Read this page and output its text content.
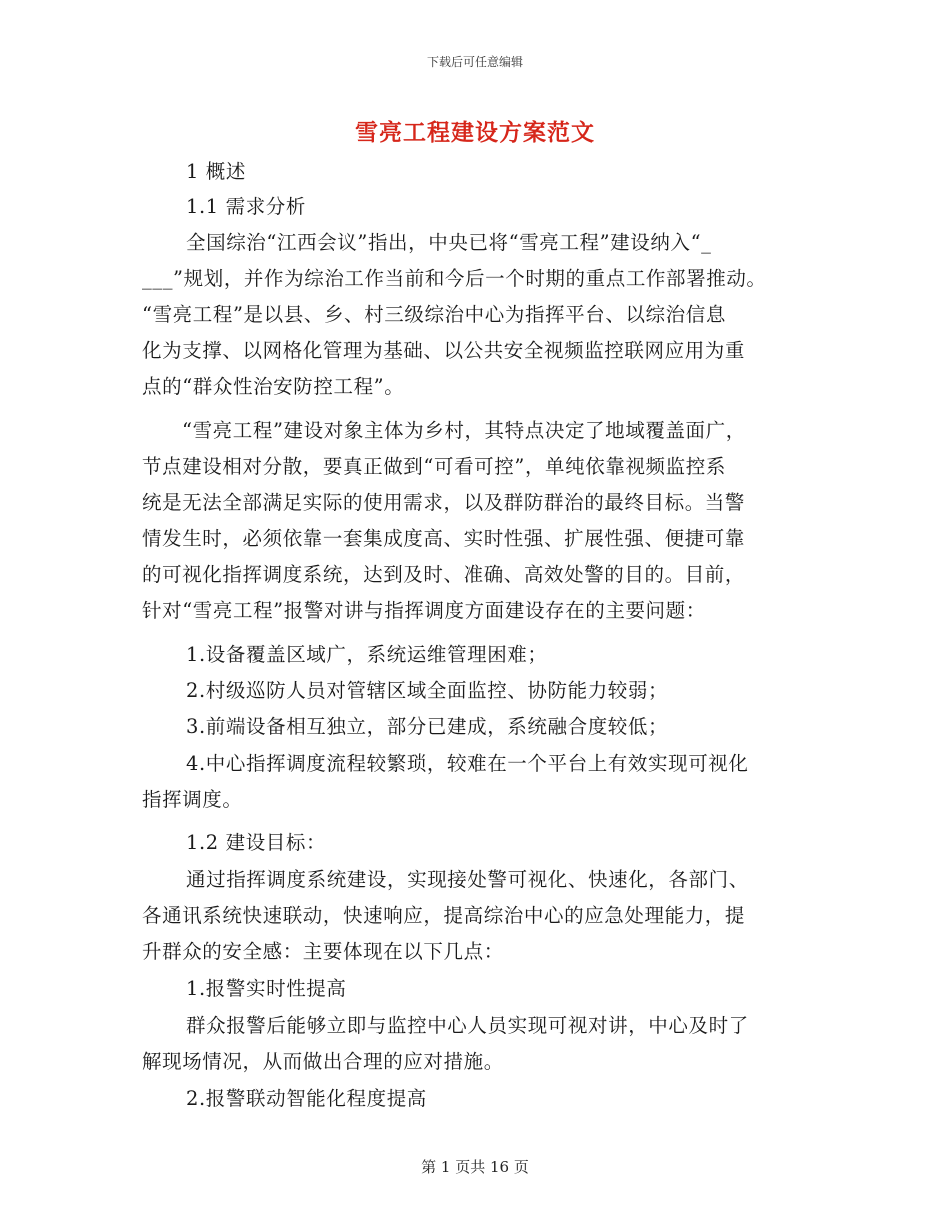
下载后可任意编辑
雪亮工程建设方案范文
1 概述
1.1 需求分析
全国综治“江西会议”指出，中央已将“雪亮工程”建设纳入“_
___”规划，并作为综治工作当前和今后一个时期的重点工作部署推动。
“雪亮工程”是以县、乡、村三级综治中心为指挥平台、以综治信息
化为支撑、以网格化管理为基础、以公共安全视频监控联网应用为重
点的“群众性治安防控工程”。
“雪亮工程”建设对象主体为乡村，其特点决定了地域覆盖面广，
节点建设相对分散，要真正做到“可看可控”，单纯依靠视频监控系
统是无法全部满足实际的使用需求，以及群防群治的最终目标。当警
情发生时，必须依靠一套集成度高、实时性强、扩展性强、便捷可靠
的可视化指挥调度系统，达到及时、准确、高效处警的目的。目前，
针对“雪亮工程”报警对讲与指挥调度方面建设存在的主要问题：
1.设备覆盖区域广，系统运维管理困难；
2.村级巡防人员对管辖区域全面监控、协防能力较弱；
3.前端设备相互独立，部分已建成，系统融合度较低；
4.中心指挥调度流程较繁琐，较难在一个平台上有效实现可视化
指挥调度。
1.2 建设目标：
通过指挥调度系统建设，实现接处警可视化、快速化，各部门、
各通讯系统快速联动，快速响应，提高综治中心的应急处理能力，提
升群众的安全感：主要体现在以下几点：
1.报警实时性提高
群众报警后能够立即与监控中心人员实现可视对讲，中心及时了
解现场情况，从而做出合理的应对措施。
2.报警联动智能化程度提高
第 1 页共 16 页
